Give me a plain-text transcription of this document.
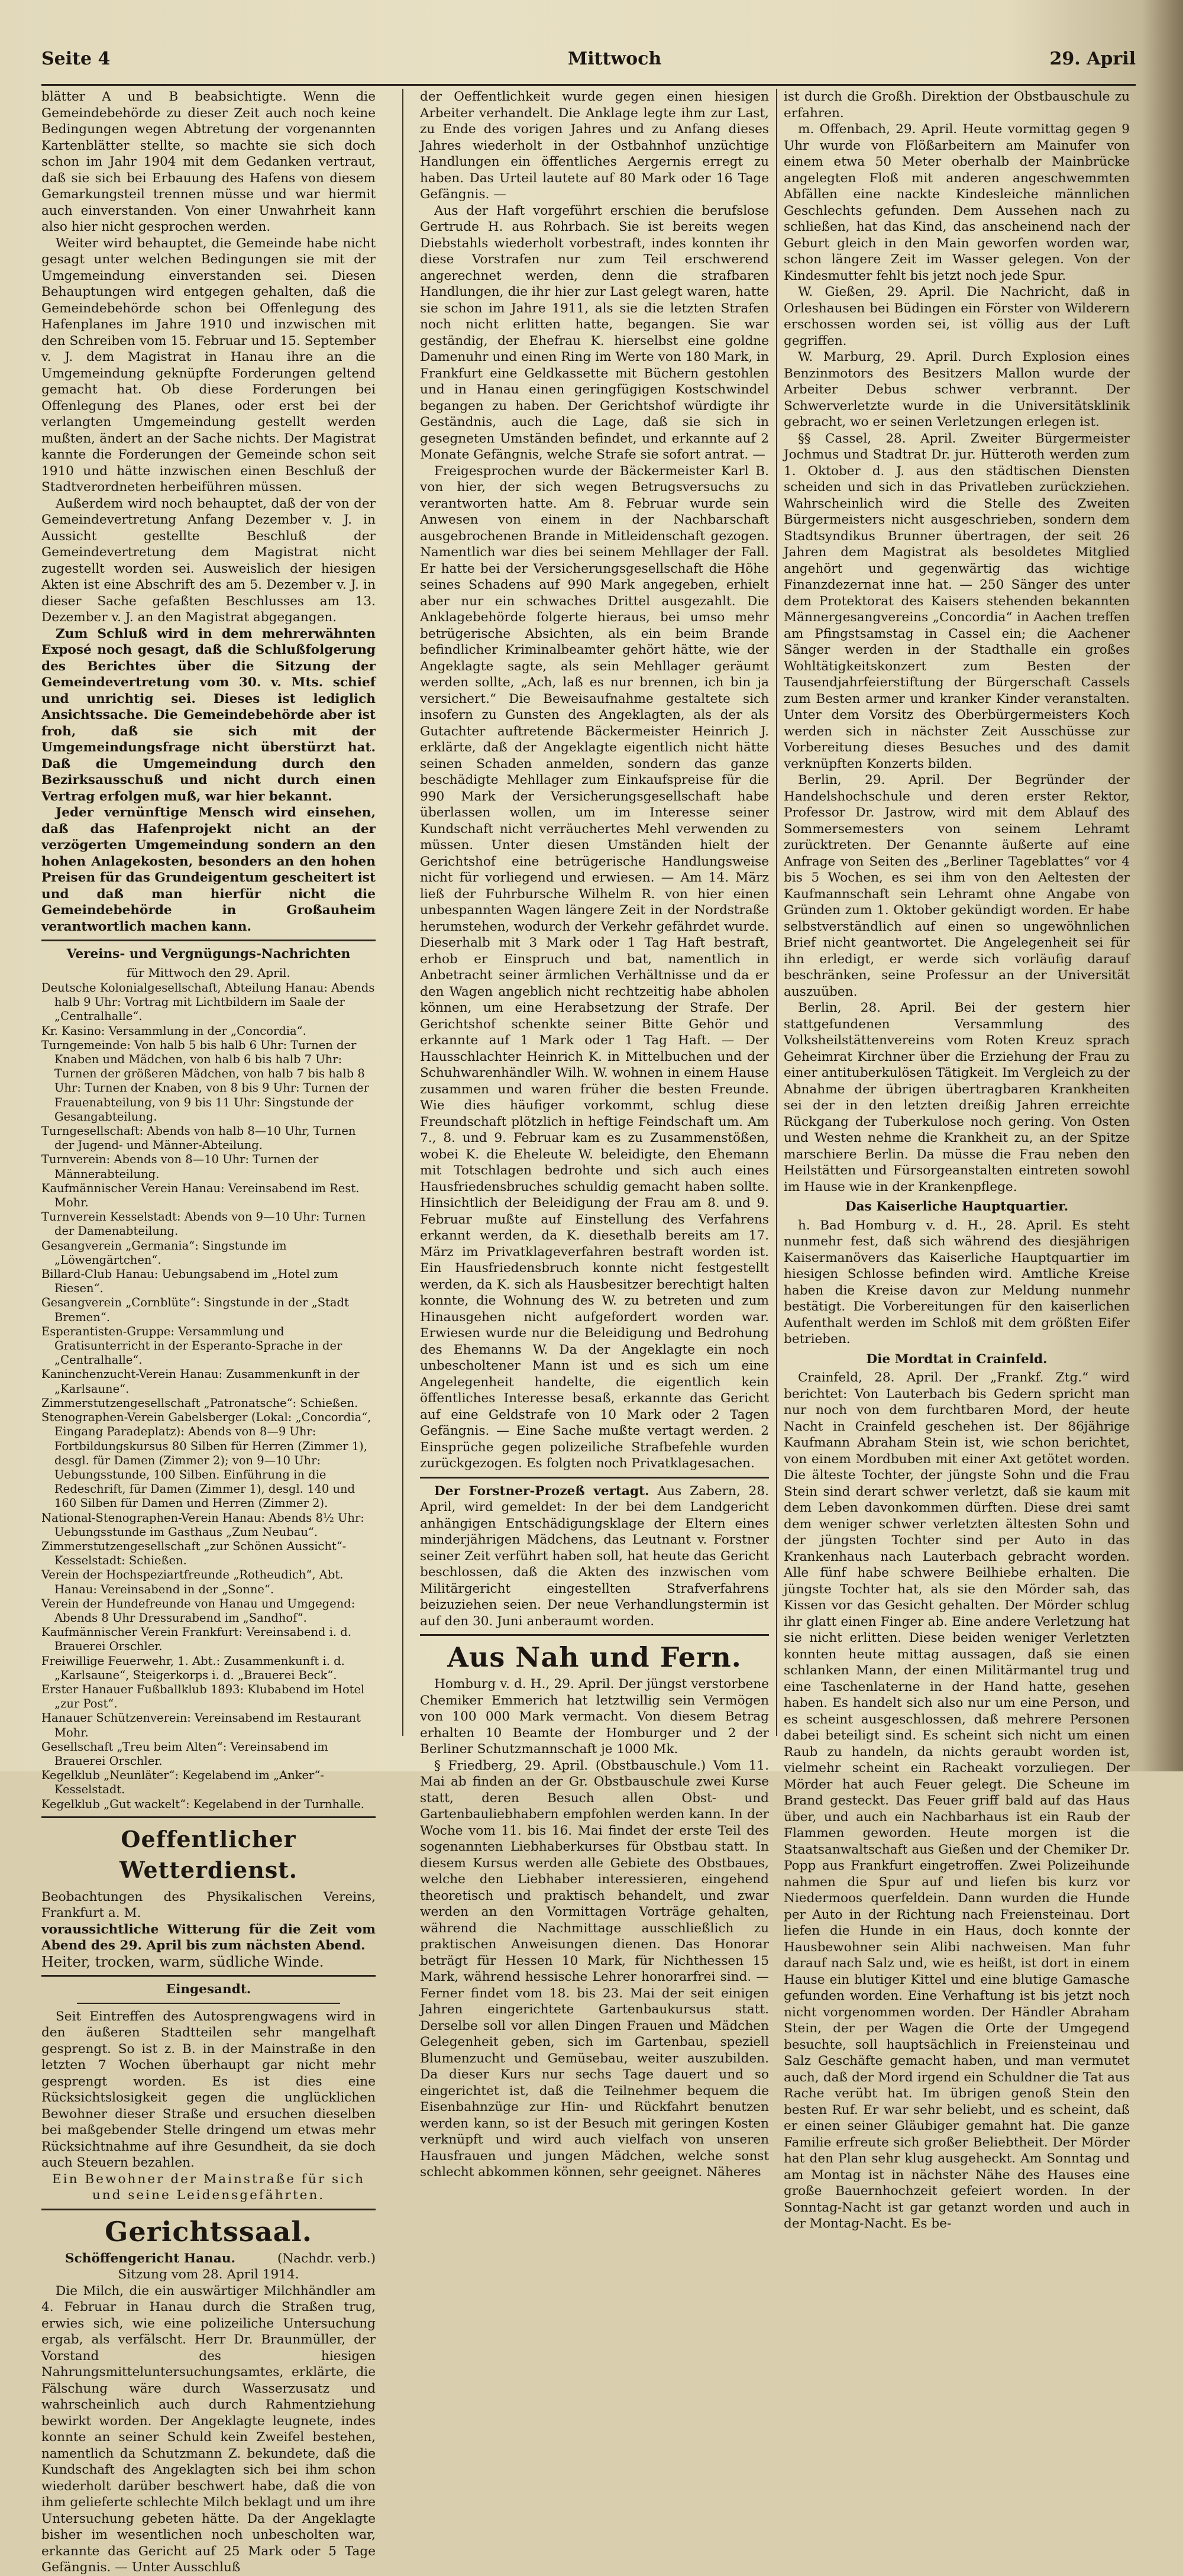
Seite 4	Mittwoch	29. April

blätter A und B beabsichtigte. Wenn die Gemeindebehörde zu dieser Zeit auch noch keine Bedingungen wegen Abtretung der vorgenannten Kartenblätter stellte, so machte sie sich doch schon im Jahr 1904 mit dem Gedanken vertraut, daß sie sich bei Erbauung des Hafens von diesem Gemarkungsteil trennen müsse und war hiermit auch einverstanden. Von einer Unwahrheit kann also hier nicht gesprochen werden.

Weiter wird behauptet, die Gemeinde habe nicht gesagt unter welchen Bedingungen sie mit der Umgemeindung einverstanden sei. Diesen Behauptungen wird entgegen gehalten, daß die Gemeindebehörde schon bei Offenlegung des Hafenplanes im Jahre 1910 und inzwischen mit den Schreiben vom 15. Februar und 15. September v. J. dem Magistrat in Hanau ihre an die Umgemeindung geknüpfte Forderungen geltend gemacht hat. Ob diese Forderungen bei Offenlegung des Planes, oder erst bei der verlangten Umgemeindung gestellt werden mußten, ändert an der Sache nichts. Der Magistrat kannte die Forderungen der Gemeinde schon seit 1910 und hätte inzwischen einen Beschluß der Stadtverordneten herbeiführen müssen.

Außerdem wird noch behauptet, daß der von der Gemeindevertretung Anfang Dezember v. J. in Aussicht gestellte Beschluß der Gemeindevertretung dem Magistrat nicht zugestellt worden sei. Ausweislich der hiesigen Akten ist eine Abschrift des am 5. Dezember v. J. in dieser Sache gefaßten Beschlusses am 13. Dezember v. J. an den Magistrat abgegangen.

Zum Schluß wird in dem mehrerwähnten Exposé noch gesagt, daß die Schlußfolgerung des Berichtes über die Sitzung der Gemeindevertretung vom 30. v. Mts. schief und unrichtig sei. Dieses ist lediglich Ansichtssache. Die Gemeindebehörde aber ist froh, daß sie sich mit der Umgemeindungsfrage nicht überstürzt hat. Daß die Umgemeindung durch den Bezirksausschuß und nicht durch einen Vertrag erfolgen muß, war hier bekannt.

Jeder vernünftige Mensch wird einsehen, daß das Hafenprojekt nicht an der verzögerten Umgemeindung sondern an den hohen Anlagekosten, besonders an den hohen Preisen für das Grundeigentum gescheitert ist und daß man hierfür nicht die Gemeindebehörde in Großauheim verantwortlich machen kann.

Vereins- und Vergnügungs-Nachrichten
für Mittwoch den 29. April.

Deutsche Kolonialgesellschaft, Abteilung Hanau: Abends halb 9 Uhr: Vortrag mit Lichtbildern im Saale der „Centralhalle“.

Kr. Kasino: Versammlung in der „Concordia“.

Turngemeinde: Von halb 5 bis halb 6 Uhr: Turnen der Knaben und Mädchen, von halb 6 bis halb 7 Uhr: Turnen der größeren Mädchen, von halb 7 bis halb 8 Uhr: Turnen der Knaben, von 8 bis 9 Uhr: Turnen der Frauenabteilung, von 9 bis 11 Uhr: Singstunde der Gesangabteilung.

Turngesellschaft: Abends von halb 8—10 Uhr, Turnen der Jugend- und Männer-Abteilung.

Turnverein: Abends von 8—10 Uhr: Turnen der Männerabteilung.

Kaufmännischer Verein Hanau: Vereinsabend im Rest. Mohr.

Turnverein Kesselstadt: Abends von 9—10 Uhr: Turnen der Damenabteilung.

Gesangverein „Germania“: Singstunde im „Löwengärtchen“.

Billard-Club Hanau: Uebungsabend im „Hotel zum Riesen“.

Gesangverein „Cornblüte“: Singstunde in der „Stadt Bremen“.

Esperantisten-Gruppe: Versammlung und Gratisunterricht in der Esperanto-Sprache in der „Centralhalle“.

Kaninchenzucht-Verein Hanau: Zusammenkunft in der „Karlsaune“.

Zimmerstutzengesellschaft „Patronatsche“: Schießen.

Stenographen-Verein Gabelsberger (Lokal: „Concordia“, Eingang Paradeplatz): Abends von 8—9 Uhr: Fortbildungskursus 80 Silben für Herren (Zimmer 1), desgl. für Damen (Zimmer 2); von 9—10 Uhr: Uebungsstunde, 100 Silben. Einführung in die Redeschrift, für Damen (Zimmer 1), desgl. 140 und 160 Silben für Damen und Herren (Zimmer 2).

National-Stenographen-Verein Hanau: Abends 8½ Uhr: Uebungsstunde im Gasthaus „Zum Neubau“.

Zimmerstutzengesellschaft „zur Schönen Aussicht“-Kesselstadt: Schießen.

Verein der Hochspeziartfreunde „Rotheudich“, Abt. Hanau: Vereinsabend in der „Sonne“.

Verein der Hundefreunde von Hanau und Umgegend: Abends 8 Uhr Dressurabend im „Sandhof“.

Kaufmännischer Verein Frankfurt: Vereinsabend i. d. Brauerei Orschler.

Freiwillige Feuerwehr, 1. Abt.: Zusammenkunft i. d. „Karlsaune“, Steigerkorps i. d. „Brauerei Beck“.

Erster Hanauer Fußballklub 1893: Klubabend im Hotel „zur Post“.

Hanauer Schützenverein: Vereinsabend im Restaurant Mohr.

Gesellschaft „Treu beim Alten“: Vereinsabend im Brauerei Orschler.

Kegelklub „Neunläter“: Kegelabend im „Anker“-Kesselstadt.

Kegelklub „Gut wackelt“: Kegelabend in der Turnhalle.

Oeffentlicher Wetterdienst.

Beobachtungen des Physikalischen Vereins, Frankfurt a. M.

voraussichtliche Witterung für die Zeit vom Abend des 29. April bis zum nächsten Abend.

Heiter, trocken, warm, südliche Winde.

Eingesandt.

Seit Eintreffen des Autosprengwagens wird in den äußeren Stadtteilen sehr mangelhaft gesprengt. So ist z. B. in der Mainstraße in den letzten 7 Wochen überhaupt gar nicht mehr gesprengt worden. Es ist dies eine Rücksichtslosigkeit gegen die unglücklichen Bewohner dieser Straße und ersuchen dieselben bei maßgebender Stelle dringend um etwas mehr Rücksichtnahme auf ihre Gesundheit, da sie doch auch Steuern bezahlen.

Ein Bewohner der Mainstraße für sich und seine Leidensgefährten.

Gerichtssaal.
Schöffengericht Hanau.	(Nachdr. verb.)
Sitzung vom 28. April 1914.

Die Milch, die ein auswärtiger Milchhändler am 4. Februar in Hanau durch die Straßen trug, erwies sich, wie eine polizeiliche Untersuchung ergab, als verfälscht. Herr Dr. Braunmüller, der Vorstand des hiesigen Nahrungsmitteluntersuchungsamtes, erklärte, die Fälschung wäre durch Wasserzusatz und wahrscheinlich auch durch Rahmentziehung bewirkt worden. Der Angeklagte leugnete, indes konnte an seiner Schuld kein Zweifel bestehen, namentlich da Schutzmann Z. bekundete, daß die Kundschaft des Angeklagten sich bei ihm schon wiederholt darüber beschwert habe, daß die von ihm gelieferte schlechte Milch beklagt und um ihre Untersuchung gebeten hätte. Da der Angeklagte bisher im wesentlichen noch unbescholten war, erkannte das Gericht auf 25 Mark oder 5 Tage Gefängnis. — Unter Ausschluß

der Oeffentlichkeit wurde gegen einen hiesigen Arbeiter verhandelt. Die Anklage legte ihm zur Last, zu Ende des vorigen Jahres und zu Anfang dieses Jahres wiederholt in der Ostbahnhof unzüchtige Handlungen ein öffentliches Aergernis erregt zu haben. Das Urteil lautete auf 80 Mark oder 16 Tage Gefängnis. —

Aus der Haft vorgeführt erschien die berufslose Gertrude H. aus Rohrbach. Sie ist bereits wegen Diebstahls wiederholt vorbestraft, indes konnten ihr diese Vorstrafen nur zum Teil erschwerend angerechnet werden, denn die strafbaren Handlungen, die ihr hier zur Last gelegt waren, hatte sie schon im Jahre 1911, als sie die letzten Strafen noch nicht erlitten hatte, begangen. Sie war geständig, der Ehefrau K. hierselbst eine goldne Damenuhr und einen Ring im Werte von 180 Mark, in Frankfurt eine Geldkassette mit Büchern gestohlen und in Hanau einen geringfügigen Kostschwindel begangen zu haben. Der Gerichtshof würdigte ihr Geständnis, auch die Lage, daß sie sich in gesegneten Umständen befindet, und erkannte auf 2 Monate Gefängnis, welche Strafe sie sofort antrat. —

Freigesprochen wurde der Bäckermeister Karl B. von hier, der sich wegen Betrugsversuchs zu verantworten hatte. Am 8. Februar wurde sein Anwesen von einem in der Nachbarschaft ausgebrochenen Brande in Mitleidenschaft gezogen. Namentlich war dies bei seinem Mehllager der Fall. Er hatte bei der Versicherungsgesellschaft die Höhe seines Schadens auf 990 Mark angegeben, erhielt aber nur ein schwaches Drittel ausgezahlt. Die Anklagebehörde folgerte hieraus, bei umso mehr betrügerische Absichten, als ein beim Brande befindlicher Kriminalbeamter gehört hätte, wie der Angeklagte sagte, als sein Mehllager geräumt werden sollte, „Ach, laß es nur brennen, ich bin ja versichert.“ Die Beweisaufnahme gestaltete sich insofern zu Gunsten des Angeklagten, als der als Gutachter auftretende Bäckermeister Heinrich J. erklärte, daß der Angeklagte eigentlich nicht hätte seinen Schaden anmelden, sondern das ganze beschädigte Mehllager zum Einkaufspreise für die 990 Mark der Versicherungsgesellschaft habe überlassen wollen, um im Interesse seiner Kundschaft nicht verräuchertes Mehl verwenden zu müssen. Unter diesen Umständen hielt der Gerichtshof eine betrügerische Handlungsweise nicht für vorliegend und erwiesen. — Am 14. März ließ der Fuhrbursche Wilhelm R. von hier einen unbespannten Wagen längere Zeit in der Nordstraße herumstehen, wodurch der Verkehr gefährdet wurde. Dieserhalb mit 3 Mark oder 1 Tag Haft bestraft, erhob er Einspruch und bat, namentlich in Anbetracht seiner ärmlichen Verhältnisse und da er den Wagen angeblich nicht rechtzeitig habe abholen können, um eine Herabsetzung der Strafe. Der Gerichtshof schenkte seiner Bitte Gehör und erkannte auf 1 Mark oder 1 Tag Haft. — Der Hausschlachter Heinrich K. in Mittelbuchen und der Schuhwarenhändler Wilh. W. wohnen in einem Hause zusammen und waren früher die besten Freunde. Wie dies häufiger vorkommt, schlug diese Freundschaft plötzlich in heftige Feindschaft um. Am 7., 8. und 9. Februar kam es zu Zusammenstößen, wobei K. die Eheleute W. beleidigte, den Ehemann mit Totschlagen bedrohte und sich auch eines Hausfriedensbruches schuldig gemacht haben sollte. Hinsichtlich der Beleidigung der Frau am 8. und 9. Februar mußte auf Einstellung des Verfahrens erkannt werden, da K. diesethalb bereits am 17. März im Privatklageverfahren bestraft worden ist. Ein Hausfriedensbruch konnte nicht festgestellt werden, da K. sich als Hausbesitzer berechtigt halten konnte, die Wohnung des W. zu betreten und zum Hinausgehen nicht aufgefordert worden war. Erwiesen wurde nur die Beleidigung und Bedrohung des Ehemanns W. Da der Angeklagte ein noch unbescholtener Mann ist und es sich um eine Angelegenheit handelte, die eigentlich kein öffentliches Interesse besaß, erkannte das Gericht auf eine Geldstrafe von 10 Mark oder 2 Tagen Gefängnis. — Eine Sache mußte vertagt werden. 2 Einsprüche gegen polizeiliche Strafbefehle wurden zurückgezogen. Es folgten noch Privatklagesachen.

Der Forstner-Prozeß vertagt. Aus Zabern, 28. April, wird gemeldet: In der bei dem Landgericht anhängigen Entschädigungsklage der Eltern eines minderjährigen Mädchens, das Leutnant v. Forstner seiner Zeit verführt haben soll, hat heute das Gericht beschlossen, daß die Akten des inzwischen vom Militärgericht eingestellten Strafverfahrens beizuziehen seien. Der neue Verhandlungstermin ist auf den 30. Juni anberaumt worden.

Aus Nah und Fern.

Homburg v. d. H., 29. April. Der jüngst verstorbene Chemiker Emmerich hat letztwillig sein Vermögen von 100 000 Mark vermacht. Von diesem Betrag erhalten 10 Beamte der Homburger und 2 der Berliner Schutzmannschaft je 1000 Mk.

§ Friedberg, 29. April. (Obstbauschule.) Vom 11. Mai ab finden an der Gr. Obstbauschule zwei Kurse statt, deren Besuch allen Obst- und Gartenbauliebhabern empfohlen werden kann. In der Woche vom 11. bis 16. Mai findet der erste Teil des sogenannten Liebhaberkurses für Obstbau statt. In diesem Kursus werden alle Gebiete des Obstbaues, welche den Liebhaber interessieren, eingehend theoretisch und praktisch behandelt, und zwar werden an den Vormittagen Vorträge gehalten, während die Nachmittage ausschließlich zu praktischen Anweisungen dienen. Das Honorar beträgt für Hessen 10 Mark, für Nichthessen 15 Mark, während hessische Lehrer honorarfrei sind. — Ferner findet vom 18. bis 23. Mai der seit einigen Jahren eingerichtete Gartenbaukursus statt. Derselbe soll vor allen Dingen Frauen und Mädchen Gelegenheit geben, sich im Gartenbau, speziell Blumenzucht und Gemüsebau, weiter auszubilden. Da dieser Kurs nur sechs Tage dauert und so eingerichtet ist, daß die Teilnehmer bequem die Eisenbahnzüge zur Hin- und Rückfahrt benutzen werden kann, so ist der Besuch mit geringen Kosten verknüpft und wird auch vielfach von unseren Hausfrauen und jungen Mädchen, welche sonst schlecht abkommen können, sehr geeignet. Näheres

ist durch die Großh. Direktion der Obstbauschule zu erfahren.

m. Offenbach, 29. April. Heute vormittag gegen 9 Uhr wurde von Flößarbeitern am Mainufer von einem etwa 50 Meter oberhalb der Mainbrücke angelegten Floß mit anderen angeschwemmten Abfällen eine nackte Kindesleiche männlichen Geschlechts gefunden. Dem Aussehen nach zu schließen, hat das Kind, das anscheinend nach der Geburt gleich in den Main geworfen worden war, schon längere Zeit im Wasser gelegen. Von der Kindesmutter fehlt bis jetzt noch jede Spur.

W. Gießen, 29. April. Die Nachricht, daß in Orleshausen bei Büdingen ein Förster von Wilderern erschossen worden sei, ist völlig aus der Luft gegriffen.

W. Marburg, 29. April. Durch Explosion eines Benzinmotors des Besitzers Mallon wurde der Arbeiter Debus schwer verbrannt. Der Schwerverletzte wurde in die Universitätsklinik gebracht, wo er seinen Verletzungen erlegen ist.

§§ Cassel, 28. April. Zweiter Bürgermeister Jochmus und Stadtrat Dr. jur. Hütteroth werden zum 1. Oktober d. J. aus den städtischen Diensten scheiden und sich in das Privatleben zurückziehen. Wahrscheinlich wird die Stelle des Zweiten Bürgermeisters nicht ausgeschrieben, sondern dem Stadtsyndikus Brunner übertragen, der seit 26 Jahren dem Magistrat als besoldetes Mitglied angehört und gegenwärtig das wichtige Finanzdezernat inne hat. — 250 Sänger des unter dem Protektorat des Kaisers stehenden bekannten Männergesangvereins „Concordia“ in Aachen treffen am Pfingstsamstag in Cassel ein; die Aachener Sänger werden in der Stadthalle ein großes Wohltätigkeitskonzert zum Besten der Tausendjahrfeierstiftung der Bürgerschaft Cassels zum Besten armer und kranker Kinder veranstalten. Unter dem Vorsitz des Oberbürgermeisters Koch werden sich in nächster Zeit Ausschüsse zur Vorbereitung dieses Besuches und des damit verknüpften Konzerts bilden.

Berlin, 29. April. Der Begründer der Handelshochschule und deren erster Rektor, Professor Dr. Jastrow, wird mit dem Ablauf des Sommersemesters von seinem Lehramt zurücktreten. Der Genannte äußerte auf eine Anfrage von Seiten des „Berliner Tageblattes“ vor 4 bis 5 Wochen, es sei ihm von den Aeltesten der Kaufmannschaft sein Lehramt ohne Angabe von Gründen zum 1. Oktober gekündigt worden. Er habe selbstverständlich auf einen so ungewöhnlichen Brief nicht geantwortet. Die Angelegenheit sei für ihn erledigt, er werde sich vorläufig darauf beschränken, seine Professur an der Universität auszuüben.

Berlin, 28. April. Bei der gestern hier stattgefundenen Versammlung des Volksheilstättenvereins vom Roten Kreuz sprach Geheimrat Kirchner über die Erziehung der Frau zu einer antituberkulösen Tätigkeit. Im Vergleich zu der Abnahme der übrigen übertragbaren Krankheiten sei der in den letzten dreißig Jahren erreichte Rückgang der Tuberkulose noch gering. Von Osten und Westen nehme die Krankheit zu, an der Spitze marschiere Berlin. Da müsse die Frau neben den Heilstätten und Fürsorgeanstalten eintreten sowohl im Hause wie in der Krankenpflege.

Das Kaiserliche Hauptquartier.

h. Bad Homburg v. d. H., 28. April. Es steht nunmehr fest, daß sich während des diesjährigen Kaisermanövers das Kaiserliche Hauptquartier im hiesigen Schlosse befinden wird. Amtliche Kreise haben die Kreise davon zur Meldung nunmehr bestätigt. Die Vorbereitungen für den kaiserlichen Aufenthalt werden im Schloß mit dem größten Eifer betrieben.

Die Mordtat in Crainfeld.

Crainfeld, 28. April. Der „Frankf. Ztg.“ wird berichtet: Von Lauterbach bis Gedern spricht man nur noch von dem furchtbaren Mord, der heute Nacht in Crainfeld geschehen ist. Der 86jährige Kaufmann Abraham Stein ist, wie schon berichtet, von einem Mordbuben mit einer Axt getötet worden. Die älteste Tochter, der jüngste Sohn und die Frau Stein sind derart schwer verletzt, daß sie kaum mit dem Leben davonkommen dürften. Diese drei samt dem weniger schwer verletzten ältesten Sohn und der jüngsten Tochter sind per Auto in das Krankenhaus nach Lauterbach gebracht worden. Alle fünf habe schwere Beilhiebe erhalten. Die jüngste Tochter hat, als sie den Mörder sah, das Kissen vor das Gesicht gehalten. Der Mörder schlug ihr glatt einen Finger ab. Eine andere Verletzung hat sie nicht erlitten. Diese beiden weniger Verletzten konnten heute mittag aussagen, daß sie einen schlanken Mann, der einen Militärmantel trug und eine Taschenlaterne in der Hand hatte, gesehen haben. Es handelt sich also nur um eine Person, und es scheint ausgeschlossen, daß mehrere Personen dabei beteiligt sind. Es scheint sich nicht um einen Raub zu handeln, da nichts geraubt worden ist, vielmehr scheint ein Racheakt vorzuliegen. Der Mörder hat auch Feuer gelegt. Die Scheune im Brand gesteckt. Das Feuer griff bald auf das Haus über, und auch ein Nachbarhaus ist ein Raub der Flammen geworden. Heute morgen ist die Staatsanwaltschaft aus Gießen und der Chemiker Dr. Popp aus Frankfurt eingetroffen. Zwei Polizeihunde nahmen die Spur auf und liefen bis kurz vor Niedermoos querfeldein. Dann wurden die Hunde per Auto in der Richtung nach Freiensteinau. Dort liefen die Hunde in ein Haus, doch konnte der Hausbewohner sein Alibi nachweisen. Man fuhr darauf nach Salz und, wie es heißt, ist dort in einem Hause ein blutiger Kittel und eine blutige Gamasche gefunden worden. Eine Verhaftung ist bis jetzt noch nicht vorgenommen worden. Der Händler Abraham Stein, der per Wagen die Orte der Umgegend besuchte, soll hauptsächlich in Freiensteinau und Salz Geschäfte gemacht haben, und man vermutet auch, daß der Mord irgend ein Schuldner die Tat aus Rache verübt hat. Im übrigen genoß Stein den besten Ruf. Er war sehr beliebt, und es scheint, daß er einen seiner Gläubiger gemahnt hat. Die ganze Familie erfreute sich großer Beliebtheit. Der Mörder hat den Plan sehr klug ausgeheckt. Am Sonntag und am Montag ist in nächster Nähe des Hauses eine große Bauernhochzeit gefeiert worden. In der Sonntag-Nacht ist gar getanzt worden und auch in der Montag-Nacht. Es be-
